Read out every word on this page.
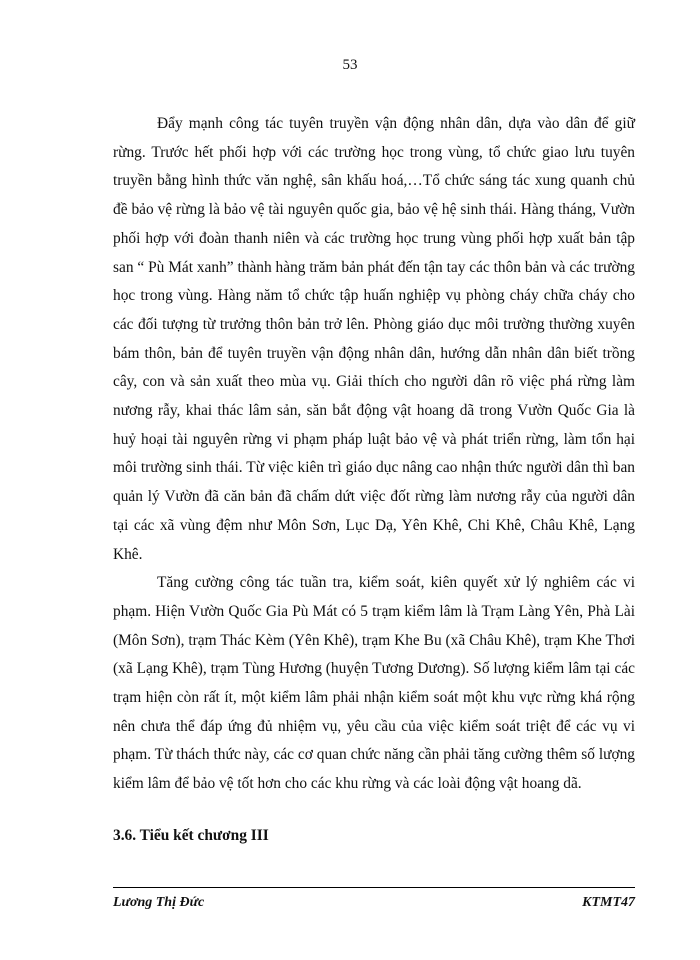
53

Đẩy mạnh công tác tuyên truyền vận động nhân dân, dựa vào dân để giữ rừng. Trước hết phối hợp với các trường học trong vùng, tổ chức giao lưu tuyên truyền bằng hình thức văn nghệ, sân khấu hoá,…Tổ chức sáng tác xung quanh chủ đề bảo vệ rừng là bảo vệ tài nguyên quốc gia, bảo vệ hệ sinh thái. Hàng tháng, Vườn phối hợp với đoàn thanh niên và các trường học trung vùng phối hợp xuất bản tập san “ Pù Mát xanh” thành hàng trăm bản phát đến tận tay các thôn bản và các trường học trong vùng. Hàng năm tổ chức tập huấn nghiệp vụ phòng cháy chữa cháy cho các đối tượng từ trưởng thôn bản trở lên. Phòng giáo dục môi trường thường xuyên bám thôn, bản để tuyên truyền vận động nhân dân, hướng dẫn nhân dân biết trồng cây, con và sản xuất theo mùa vụ. Giải thích cho người dân rõ việc phá rừng làm nương rẫy, khai thác lâm sản, săn bắt động vật hoang dã trong Vườn Quốc Gia là huỷ hoại tài nguyên rừng vi phạm pháp luật bảo vệ và phát triển rừng, làm tổn hại môi trường sinh thái. Từ việc kiên trì giáo dục nâng cao nhận thức người dân thì ban quản lý Vườn đã căn bản đã chấm dứt việc đốt rừng làm nương rẫy của người dân tại các xã vùng đệm như Môn Sơn, Lục Dạ, Yên Khê, Chi Khê, Châu Khê, Lạng Khê.

Tăng cường công tác tuần tra, kiểm soát, kiên quyết xử lý nghiêm các vi phạm. Hiện Vườn Quốc Gia Pù Mát có 5 trạm kiểm lâm là Trạm Làng Yên, Phà Lài (Môn Sơn), trạm Thác Kèm (Yên Khê), trạm Khe Bu (xã Châu Khê), trạm Khe Thơi (xã Lạng Khê), trạm Tùng Hương (huyện Tương Dương). Số lượng kiểm lâm tại các trạm hiện còn rất ít, một kiểm lâm phải nhận kiểm soát một khu vực rừng khá rộng nên chưa thể đáp ứng đủ nhiệm vụ, yêu cầu của việc kiểm soát triệt để các vụ vi phạm. Từ thách thức này, các cơ quan chức năng cần phải tăng cường thêm số lượng kiểm lâm để bảo vệ tốt hơn cho các khu rừng và các loài động vật hoang dã.

3.6. Tiểu kết chương III
Lương Thị Đức	KTMT47
